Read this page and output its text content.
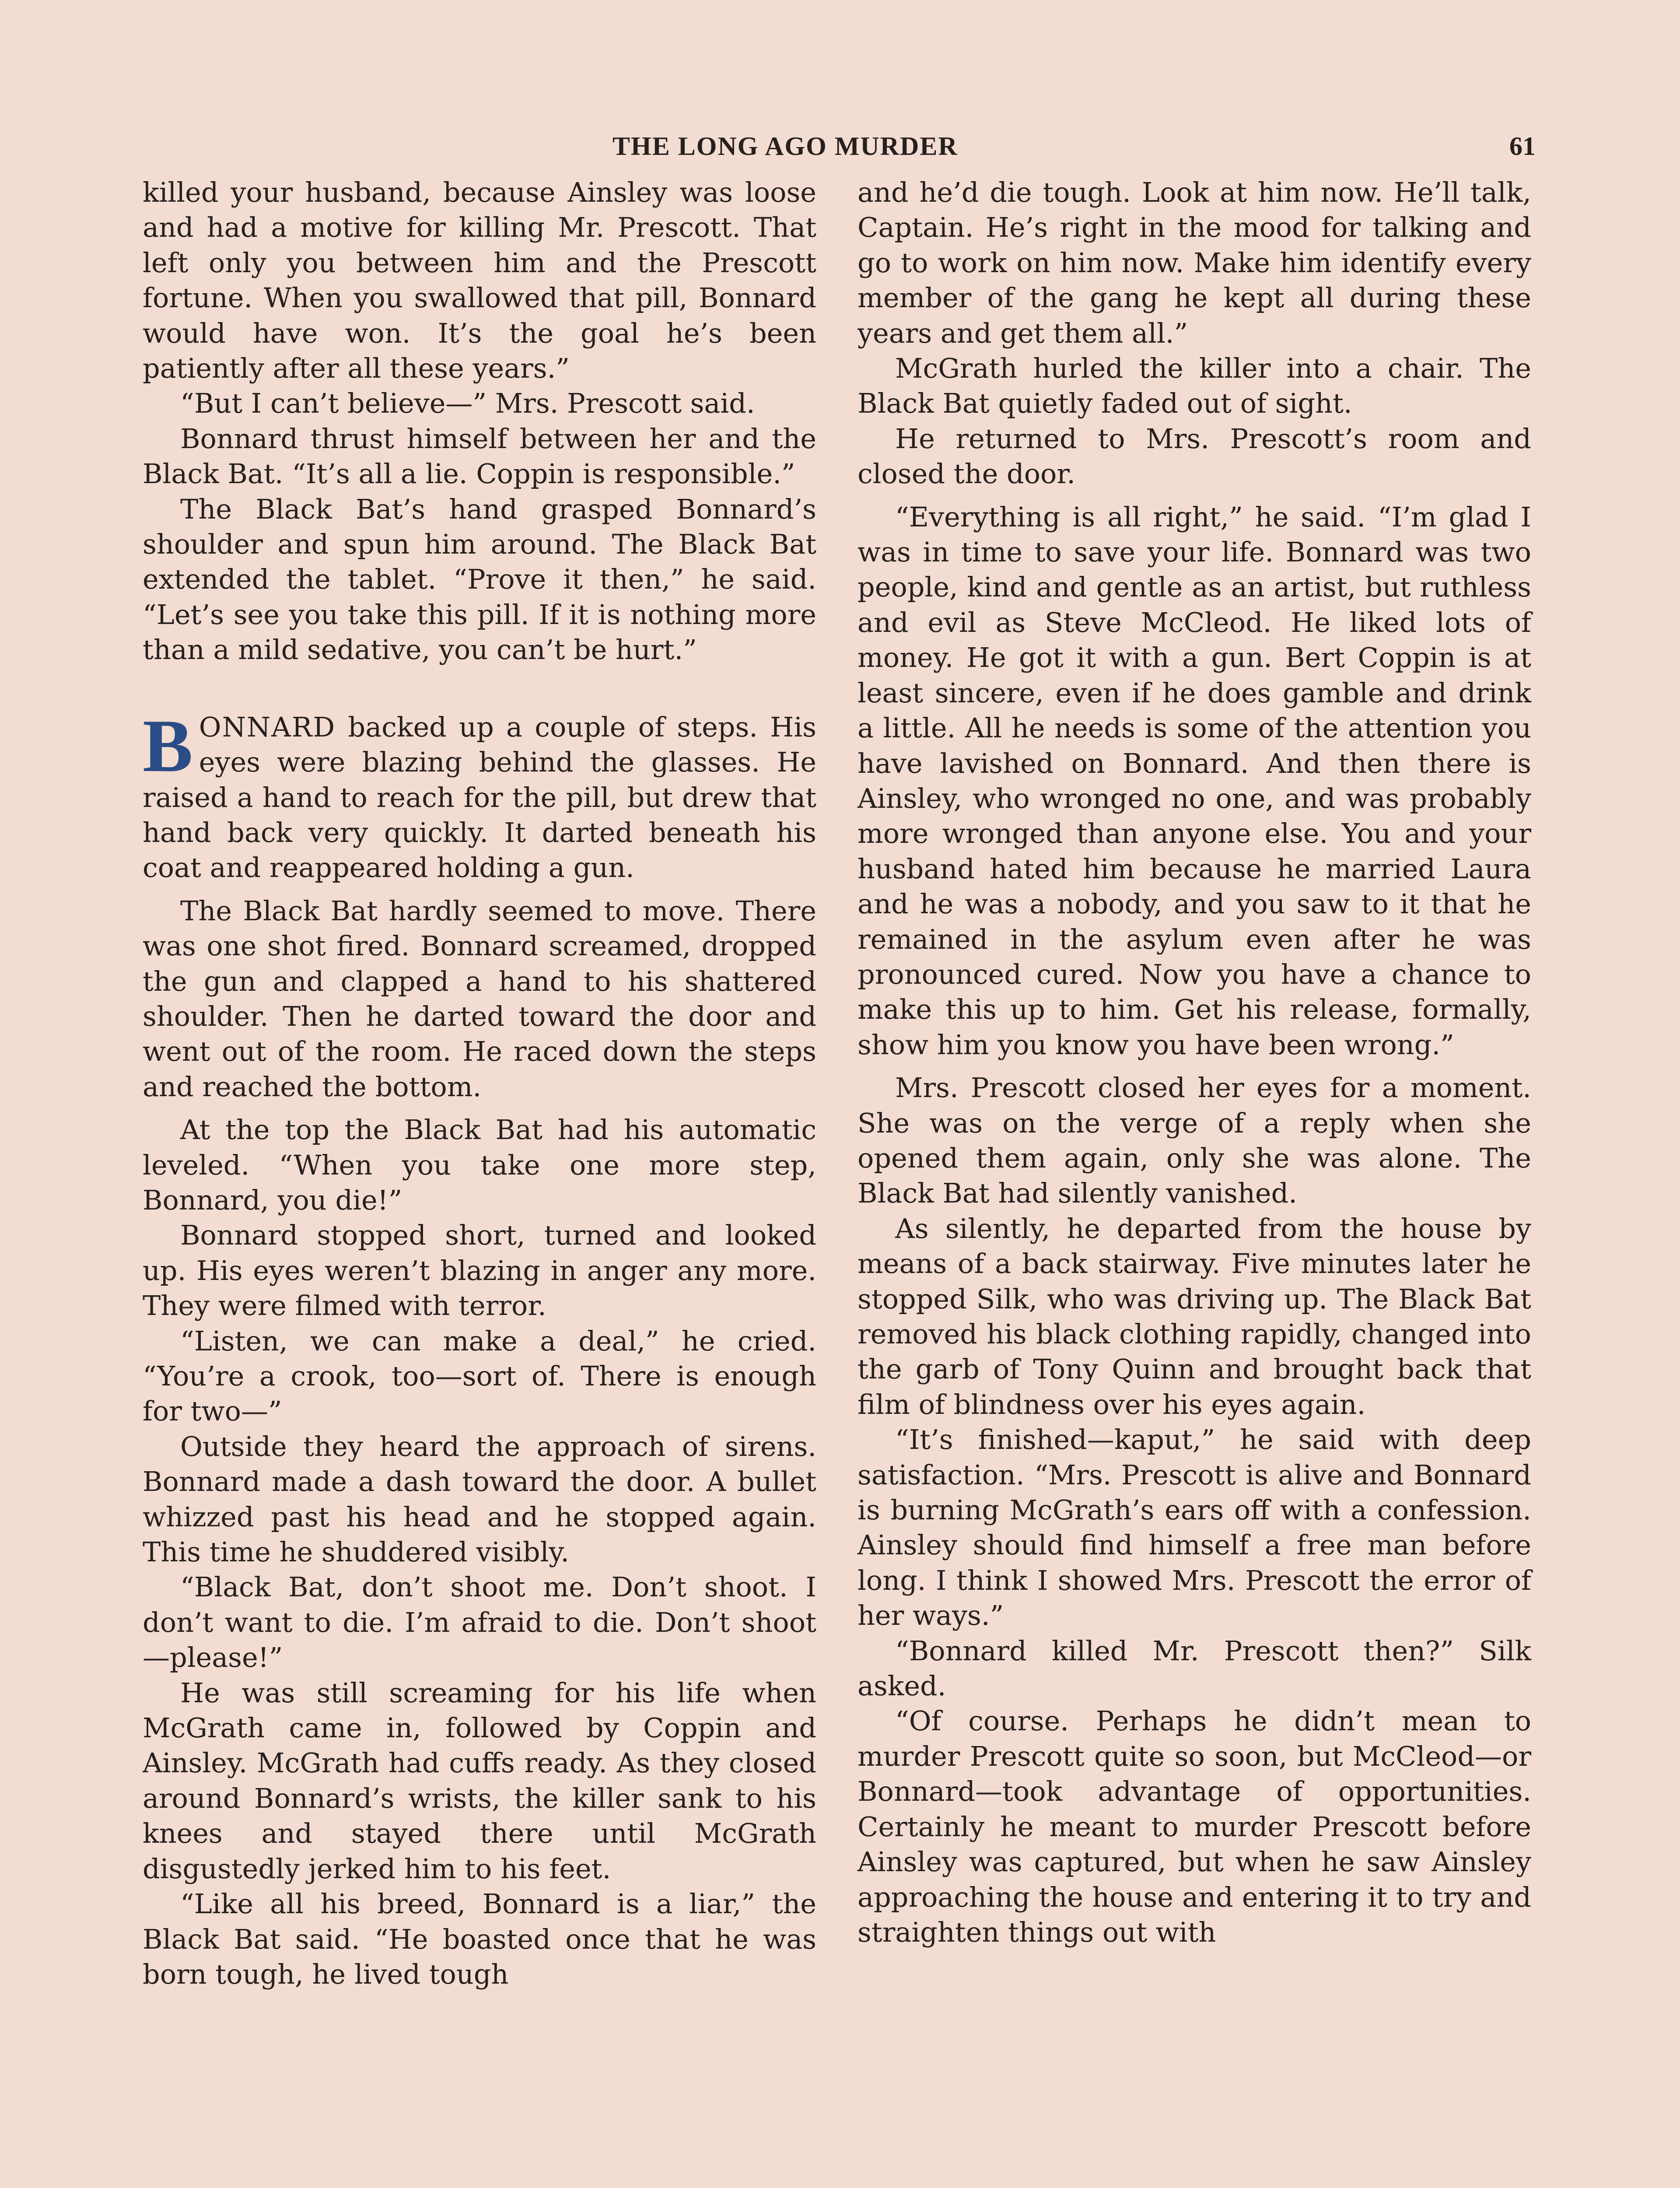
THE LONG AGO MURDER	61

killed your husband, because Ainsley was loose and had a motive for killing Mr. Prescott. That left only you between him and the Prescott fortune. When you swallowed that pill, Bonnard would have won. It’s the goal he’s been patiently after all these years.”

“But I can’t believe—” Mrs. Prescott said.

Bonnard thrust himself between her and the Black Bat. “It’s all a lie. Coppin is responsible.”

The Black Bat’s hand grasped Bonnard’s shoulder and spun him around. The Black Bat extended the tablet. “Prove it then,” he said. “Let’s see you take this pill. If it is nothing more than a mild sedative, you can’t be hurt.”

BONNARD backed up a couple of steps. His eyes were blazing behind the glasses. He raised a hand to reach for the pill, but drew that hand back very quickly. It darted beneath his coat and reappeared holding a gun.

The Black Bat hardly seemed to move. There was one shot fired. Bonnard screamed, dropped the gun and clapped a hand to his shattered shoulder. Then he darted toward the door and went out of the room. He raced down the steps and reached the bottom.

At the top the Black Bat had his automatic leveled. “When you take one more step, Bonnard, you die!”

Bonnard stopped short, turned and looked up. His eyes weren’t blazing in anger any more. They were filmed with terror.

“Listen, we can make a deal,” he cried. “You’re a crook, too—sort of. There is enough for two—”

Outside they heard the approach of sirens. Bonnard made a dash toward the door. A bullet whizzed past his head and he stopped again. This time he shuddered visibly.

“Black Bat, don’t shoot me. Don’t shoot. I don’t want to die. I’m afraid to die. Don’t shoot—please!”

He was still screaming for his life when McGrath came in, followed by Coppin and Ainsley. McGrath had cuffs ready. As they closed around Bonnard’s wrists, the killer sank to his knees and stayed there until McGrath disgustedly jerked him to his feet.

“Like all his breed, Bonnard is a liar,” the Black Bat said. “He boasted once that he was born tough, he lived tough

and he’d die tough. Look at him now. He’ll talk, Captain. He’s right in the mood for talking and go to work on him now. Make him identify every member of the gang he kept all during these years and get them all.”

McGrath hurled the killer into a chair. The Black Bat quietly faded out of sight.

He returned to Mrs. Prescott’s room and closed the door.

“Everything is all right,” he said. “I’m glad I was in time to save your life. Bonnard was two people, kind and gentle as an artist, but ruthless and evil as Steve McCleod. He liked lots of money. He got it with a gun. Bert Coppin is at least sincere, even if he does gamble and drink a little. All he needs is some of the attention you have lavished on Bonnard. And then there is Ainsley, who wronged no one, and was probably more wronged than anyone else. You and your husband hated him because he married Laura and he was a nobody, and you saw to it that he remained in the asylum even after he was pronounced cured. Now you have a chance to make this up to him. Get his release, formally, show him you know you have been wrong.”

Mrs. Prescott closed her eyes for a moment. She was on the verge of a reply when she opened them again, only she was alone. The Black Bat had silently vanished.

As silently, he departed from the house by means of a back stairway. Five minutes later he stopped Silk, who was driving up. The Black Bat removed his black clothing rapidly, changed into the garb of Tony Quinn and brought back that film of blindness over his eyes again.

“It’s finished—kaput,” he said with deep satisfaction. “Mrs. Prescott is alive and Bonnard is burning McGrath’s ears off with a confession. Ainsley should find himself a free man before long. I think I showed Mrs. Prescott the error of her ways.”

“Bonnard killed Mr. Prescott then?” Silk asked.

“Of course. Perhaps he didn’t mean to murder Prescott quite so soon, but McCleod—or Bonnard—took advantage of opportunities. Certainly he meant to murder Prescott before Ainsley was captured, but when he saw Ainsley approaching the house and entering it to try and straighten things out with
